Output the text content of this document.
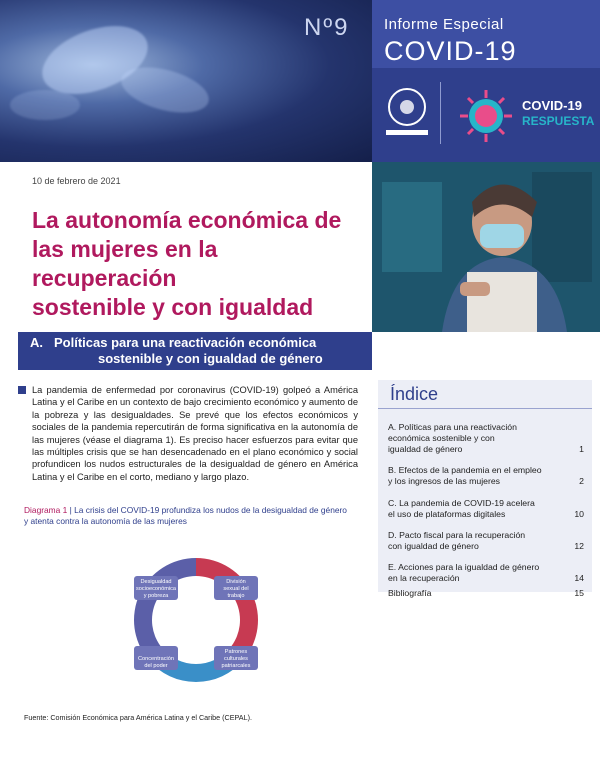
Nº9 Informe Especial
COVID-19
COVID-19
RESPUESTA
10 de febrero de 2021
La autonomía económica de
las mujeres en la recuperación
sostenible y con igualdad
A. Políticas para una reactivación económica
sostenible y con igualdad de género

La pandemia de enfermedad por coronavirus (COVID-19) golpeó a América Latina y el Caribe en un contexto de bajo crecimiento económico y aumento de la pobreza y las desigualdades. Se prevé que los efectos económicos y sociales de la pandemia repercutirán de forma significativa en la autonomía de las mujeres (véase el diagrama 1). Es preciso hacer esfuerzos para evitar que las múltiples crisis que se han desencadenado en el plano económico y social profundicen los nudos estructurales de la desigualdad de género en América Latina y el Caribe en el corto, mediano y largo plazo.

Diagrama 1 | La crisis del COVID-19 profundiza los nudos de la desigualdad de género
y atenta contra la autonomía de las mujeres
Desigualdad socioeconómica y pobreza
División sexual del trabajo
Patrones culturales patriarcales
Concentración del poder
Fuente: Comisión Económica para América Latina y el Caribe (CEPAL).
Índice
A. Políticas para una reactivación
económica sostenible y con
igualdad de género	1
B. Efectos de la pandemia en el empleo
y los ingresos de las mujeres	2
C. La pandemia de COVID-19 acelera
el uso de plataformas digitales	10
D. Pacto fiscal para la recuperación
con igualdad de género	12
E. Acciones para la igualdad de género
en la recuperación	14
Bibliografía	15
